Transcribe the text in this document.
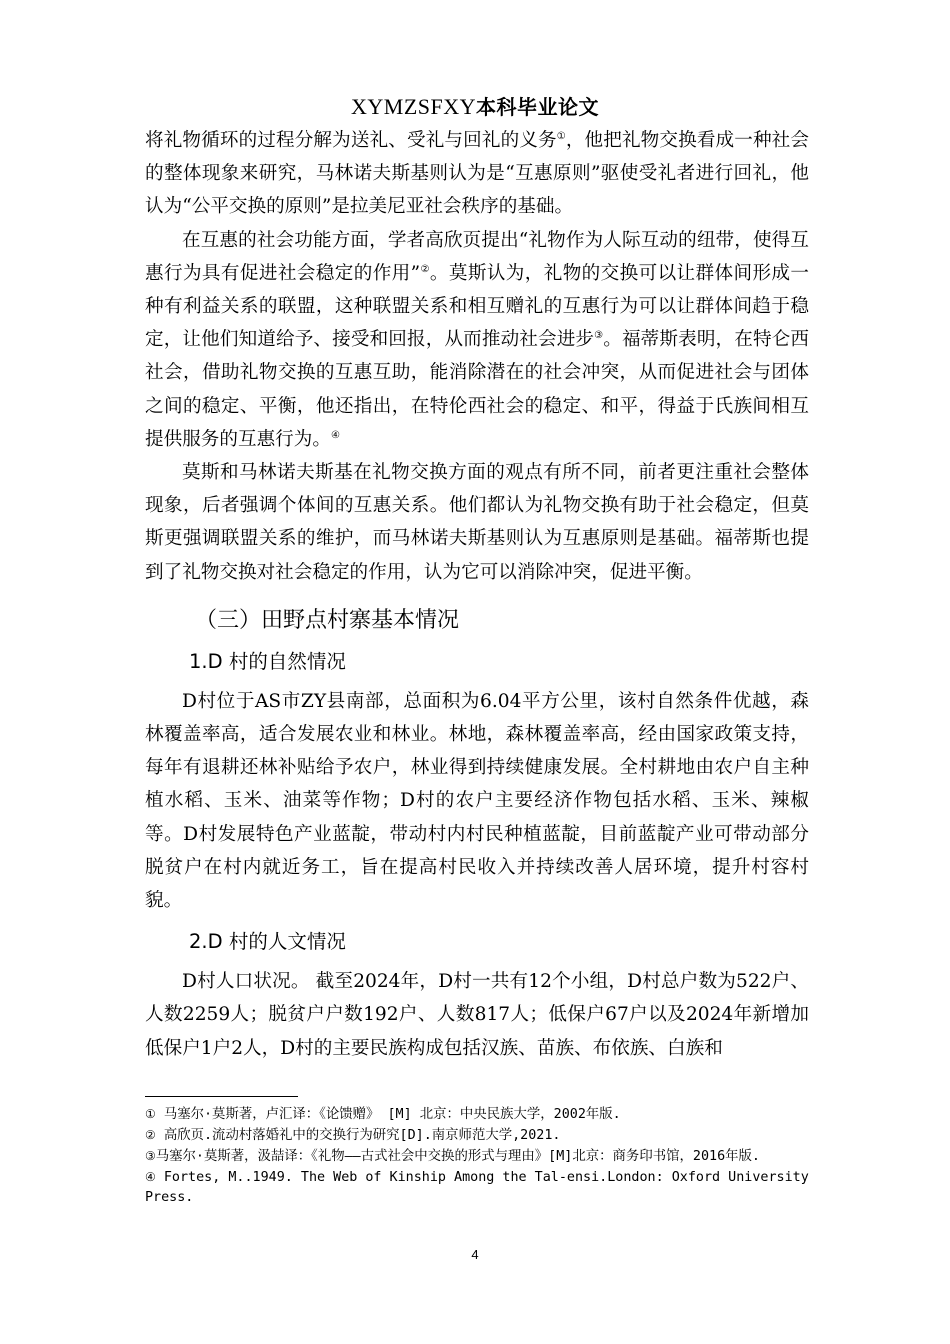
XYMZSFXY本科毕业论文

将礼物循环的过程分解为送礼、受礼与回礼的义务①，他把礼物交换看成一种社会的整体现象来研究，马林诺夫斯基则认为是“互惠原则”驱使受礼者进行回礼，他认为“公平交换的原则”是拉美尼亚社会秩序的基础。

在互惠的社会功能方面，学者高欣页提出“礼物作为人际互动的纽带，使得互惠行为具有促进社会稳定的作用”②。莫斯认为，礼物的交换可以让群体间形成一种有利益关系的联盟，这种联盟关系和相互赠礼的互惠行为可以让群体间趋于稳定，让他们知道给予、接受和回报，从而推动社会进步③。福蒂斯表明，在特仑西社会，借助礼物交换的互惠互助，能消除潜在的社会冲突，从而促进社会与团体之间的稳定、平衡，他还指出，在特伦西社会的稳定、和平，得益于氏族间相互提供服务的互惠行为。④

莫斯和马林诺夫斯基在礼物交换方面的观点有所不同，前者更注重社会整体现象，后者强调个体间的互惠关系。他们都认为礼物交换有助于社会稳定，但莫斯更强调联盟关系的维护，而马林诺夫斯基则认为互惠原则是基础。福蒂斯也提到了礼物交换对社会稳定的作用，认为它可以消除冲突，促进平衡。

（三）田野点村寨基本情况
1.D 村的自然情况

D村位于AS市ZY县南部，总面积为6.04平方公里，该村自然条件优越，森林覆盖率高，适合发展农业和林业。林地，森林覆盖率高，经由国家政策支持，每年有退耕还林补贴给予农户，林业得到持续健康发展。全村耕地由农户自主种植水稻、玉米、油菜等作物；D村的农户主要经济作物包括水稻、玉米、辣椒等。D村发展特色产业蓝靛，带动村内村民种植蓝靛，目前蓝靛产业可带动部分脱贫户在村内就近务工，旨在提高村民收入并持续改善人居环境，提升村容村貌。

2.D 村的人文情况

D村人口状况。 截至2024年，D村一共有12个小组，D村总户数为522户、人数2259人；脱贫户户数192户、人数817人；低保户67户以及2024年新增加低保户1户2人，D村的主要民族构成包括汉族、苗族、布依族、白族和

① 马塞尔·莫斯著，卢汇译：《论馈赠》 [M] 北京：中央民族大学，2002年版.

② 高欣页.流动村落婚礼中的交换行为研究[D].南京师范大学,2021.

③马塞尔·莫斯著，汲喆译：《礼物——古式社会中交换的形式与理由》[M]北京：商务印书馆，2016年版.

④ Fortes, M..1949. The Web of Kinship Among the Tal-ensi.London: Oxford University Press.

4
